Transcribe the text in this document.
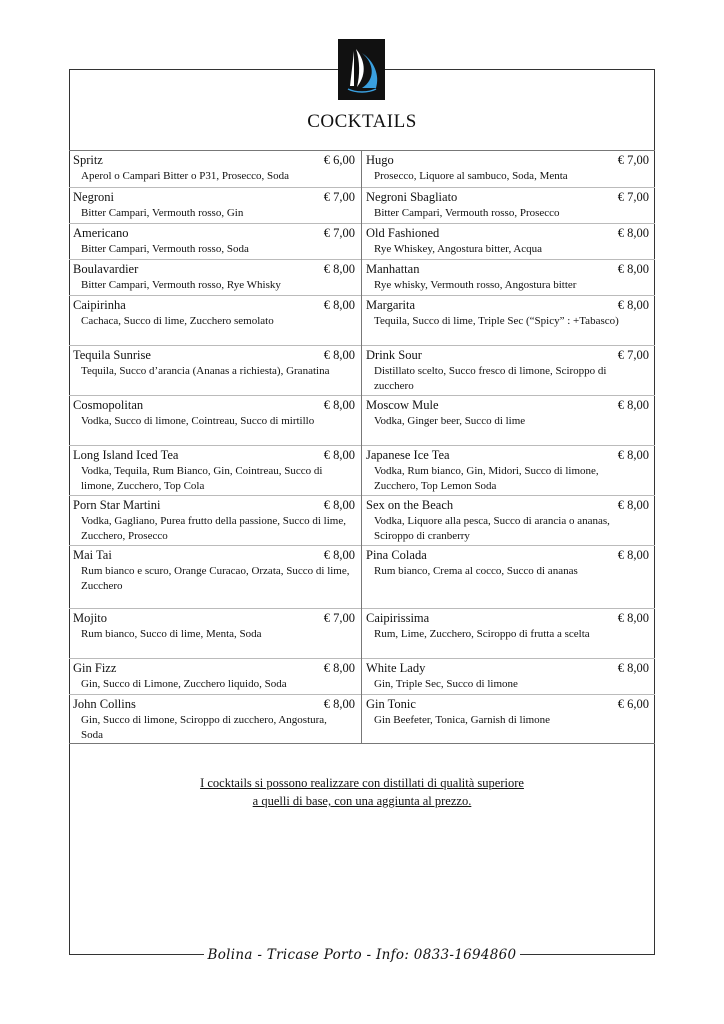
COCKTAILS
Spritz	€ 6,00
Aperol o Campari Bitter o P31, Prosecco, Soda
Negroni	€ 7,00
Bitter Campari, Vermouth rosso, Gin
Americano	€ 7,00
Bitter Campari, Vermouth rosso, Soda
Boulavardier	€ 8,00
Bitter Campari, Vermouth rosso, Rye Whisky
Caipirinha	€ 8,00
Cachaca, Succo di lime, Zucchero semolato
Tequila Sunrise	€ 8,00
Tequila, Succo d’arancia (Ananas a richiesta), Granatina
Cosmopolitan	€ 8,00
Vodka, Succo di limone, Cointreau, Succo di mirtillo
Long Island Iced Tea	€ 8,00
Vodka, Tequila, Rum Bianco, Gin, Cointreau, Succo di limone, Zucchero, Top Cola
Porn Star Martini	€ 8,00
Vodka, Gagliano, Purea frutto della passione, Succo di lime, Zucchero, Prosecco
Mai Tai	€ 8,00
Rum bianco e scuro, Orange Curacao, Orzata, Succo di lime, Zucchero
Mojito	€ 7,00
Rum bianco, Succo di lime, Menta, Soda
Gin Fizz	€ 8,00
Gin, Succo di Limone, Zucchero liquido, Soda
John Collins	€ 8,00
Gin, Succo di limone, Sciroppo di zucchero, Angostura, Soda
Hugo	€ 7,00
Prosecco, Liquore al sambuco, Soda, Menta
Negroni Sbagliato	€ 7,00
Bitter Campari, Vermouth rosso, Prosecco
Old Fashioned	€ 8,00
Rye Whiskey, Angostura bitter, Acqua
Manhattan	€ 8,00
Rye whisky, Vermouth rosso, Angostura bitter
Margarita	€ 8,00
Tequila, Succo di lime, Triple Sec (“Spicy” : +Tabasco)
Drink Sour	€ 7,00
Distillato scelto, Succo fresco di limone, Sciroppo di zucchero
Moscow Mule	€ 8,00
Vodka, Ginger beer, Succo di lime
Japanese Ice Tea	€ 8,00
Vodka, Rum bianco, Gin, Midori, Succo di limone, Zucchero, Top Lemon Soda
Sex on the Beach	€ 8,00
Vodka, Liquore alla pesca, Succo di arancia o ananas, Sciroppo di cranberry
Pina Colada	€ 8,00
Rum bianco, Crema al cocco, Succo di ananas
Caipirissima	€ 8,00
Rum, Lime, Zucchero, Sciroppo di frutta a scelta
White Lady	€ 8,00
Gin, Triple Sec, Succo di limone
Gin Tonic	€ 6,00
Gin Beefeter, Tonica, Garnish di limone
I cocktails si possono realizzare con distillati di qualità superiore
a quelli di base, con una aggiunta al prezzo.
Bolina - Tricase Porto - Info: 0833-1694860
